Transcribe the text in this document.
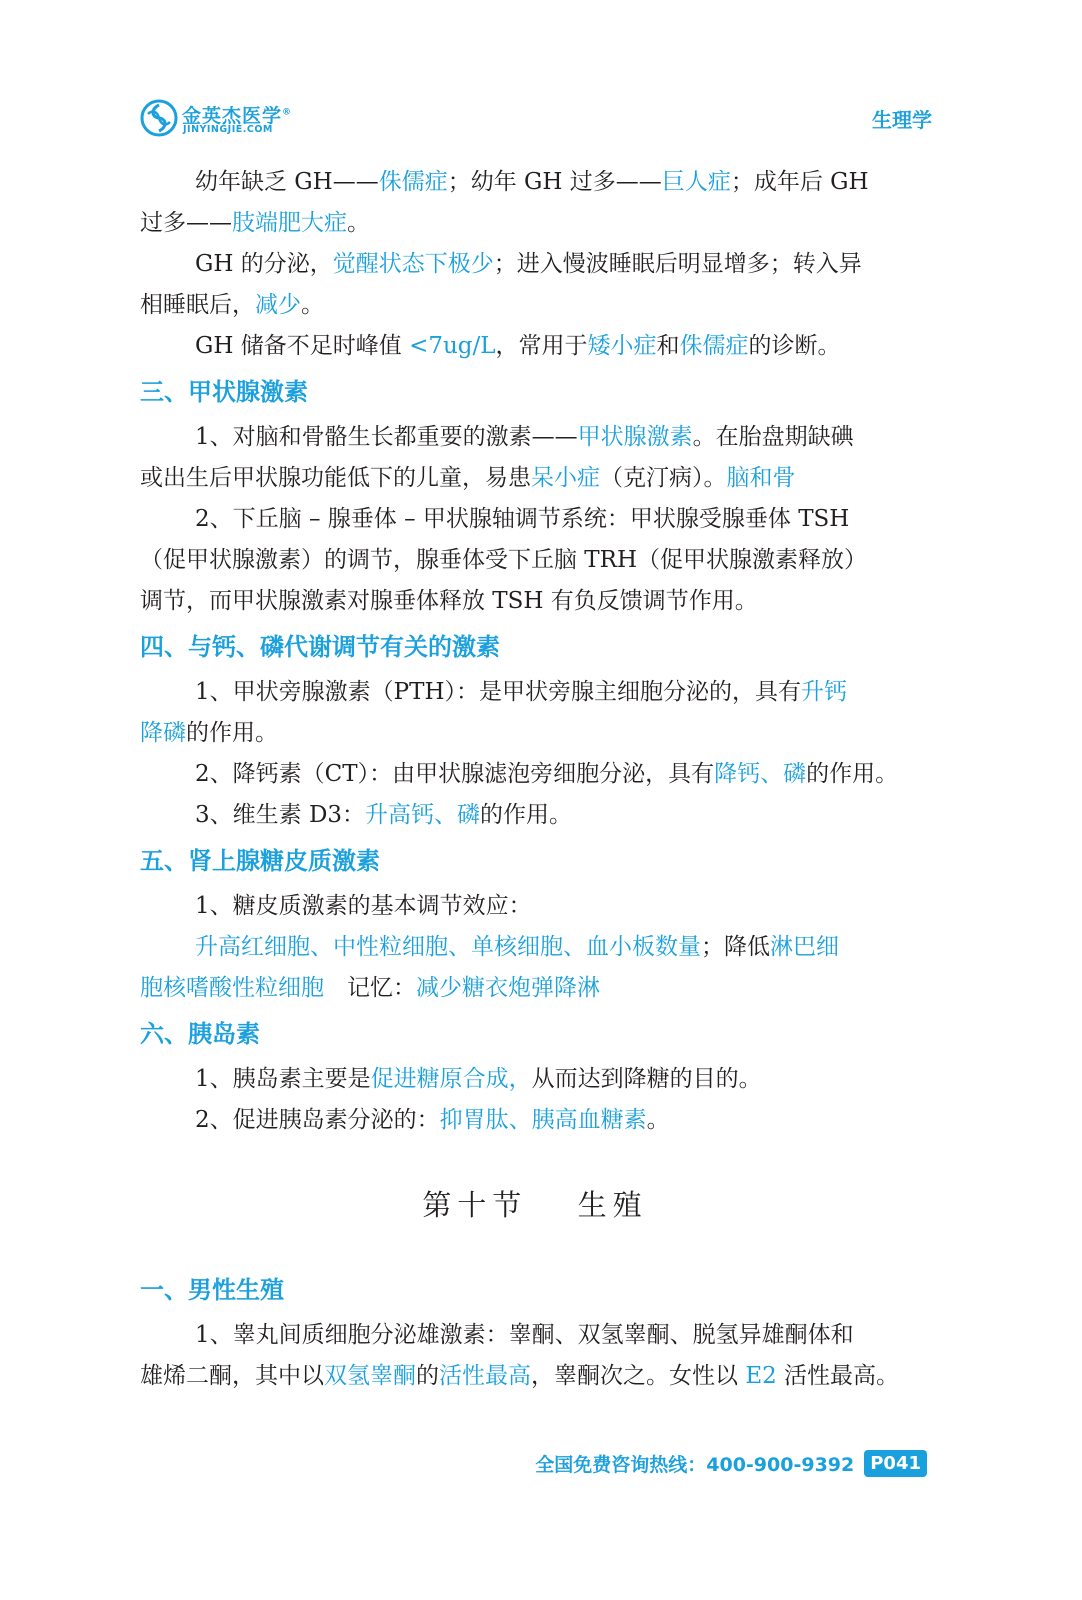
金英杰医学®
JINYINGJIE.COM	生理学

幼年缺乏 GH——侏儒症；幼年 GH 过多——巨人症；成年后 GH

过多——肢端肥大症。

GH 的分泌，觉醒状态下极少；进入慢波睡眠后明显增多；转入异

相睡眠后，减少。

GH 储备不足时峰值 <7ug/L，常用于矮小症和侏儒症的诊断。

三、甲状腺激素

1、对脑和骨骼生长都重要的激素——甲状腺激素。在胎盘期缺碘

或出生后甲状腺功能低下的儿童，易患呆小症（克汀病）。脑和骨

2、下丘脑 – 腺垂体 – 甲状腺轴调节系统：甲状腺受腺垂体 TSH

（促甲状腺激素）的调节，腺垂体受下丘脑 TRH（促甲状腺激素释放）

调节，而甲状腺激素对腺垂体释放 TSH 有负反馈调节作用。

四、与钙、磷代谢调节有关的激素

1、甲状旁腺激素（PTH）：是甲状旁腺主细胞分泌的，具有升钙

降磷的作用。

2、降钙素（CT）：由甲状腺滤泡旁细胞分泌，具有降钙、磷的作用。

3、维生素 D3：升高钙、磷的作用。

五、肾上腺糖皮质激素

1、糖皮质激素的基本调节效应：

升高红细胞、中性粒细胞、单核细胞、血小板数量；降低淋巴细

胞核嗜酸性粒细胞　记忆：减少糖衣炮弹降淋

六、胰岛素

1、胰岛素主要是促进糖原合成，从而达到降糖的目的。

2、促进胰岛素分泌的：抑胃肽、胰高血糖素。

第十节　 生殖
一、男性生殖

1、睾丸间质细胞分泌雄激素：睾酮、双氢睾酮、脱氢异雄酮体和

雄烯二酮，其中以双氢睾酮的活性最高，睾酮次之。女性以 E2 活性最高。

全国免费咨询热线：400-900-9392 P041
